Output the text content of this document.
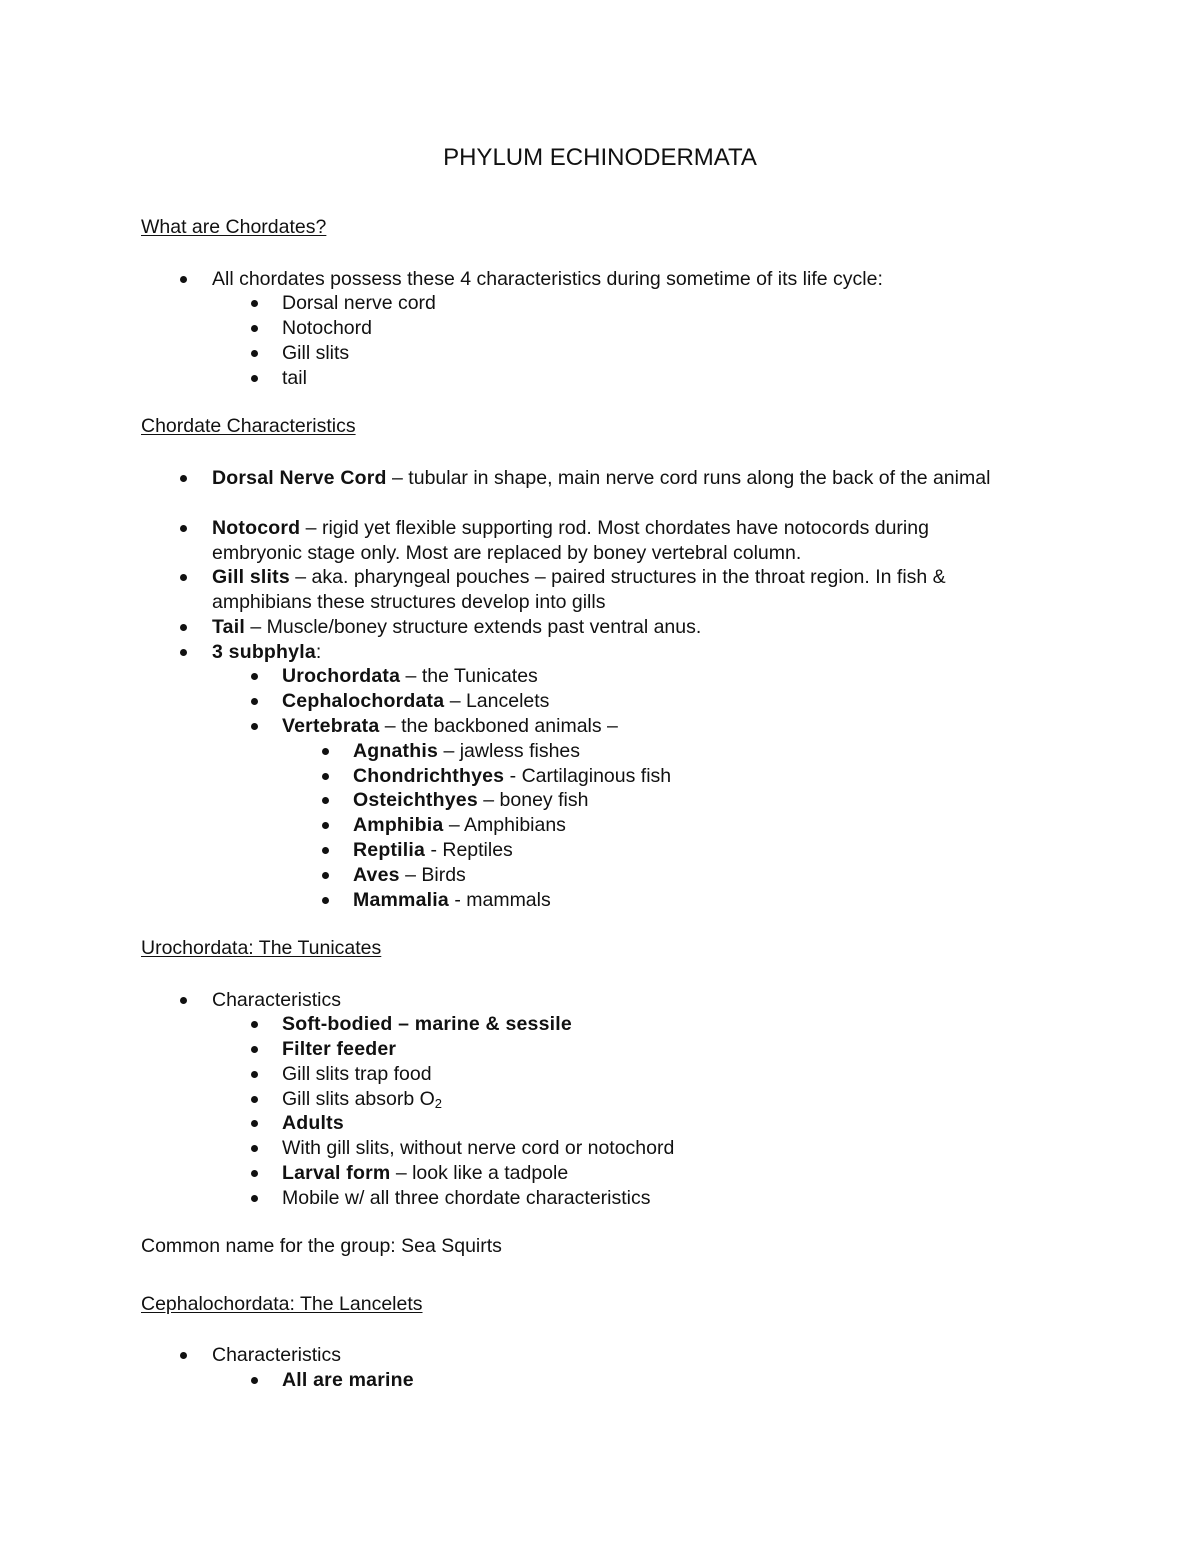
PHYLUM ECHINODERMATA
What are Chordates?
All chordates possess these 4 characteristics during sometime of its life cycle:
Dorsal nerve cord
Notochord
Gill slits
tail
Chordate Characteristics
Dorsal Nerve Cord – tubular in shape, main nerve cord runs along the back of the animal
Notocord – rigid yet flexible supporting rod. Most chordates have notocords during embryonic stage only. Most are replaced by boney vertebral column.
Gill slits – aka. pharyngeal pouches – paired structures in the throat region. In fish & amphibians these structures develop into gills
Tail – Muscle/boney structure extends past ventral anus.
3 subphyla:
Urochordata – the Tunicates
Cephalochordata – Lancelets
Vertebrata – the backboned animals –
Agnathis – jawless fishes
Chondrichthyes - Cartilaginous fish
Osteichthyes – boney fish
Amphibia – Amphibians
Reptilia - Reptiles
Aves – Birds
Mammalia - mammals
Urochordata: The Tunicates
Characteristics
Soft-bodied – marine & sessile
Filter feeder
Gill slits trap food
Gill slits absorb $O_2$
Adults
With gill slits, without nerve cord or notochord
Larval form – look like a tadpole
Mobile w/ all three chordate characteristics
Common name for the group: Sea Squirts
Cephalochordata: The Lancelets
Characteristics
All are marine
